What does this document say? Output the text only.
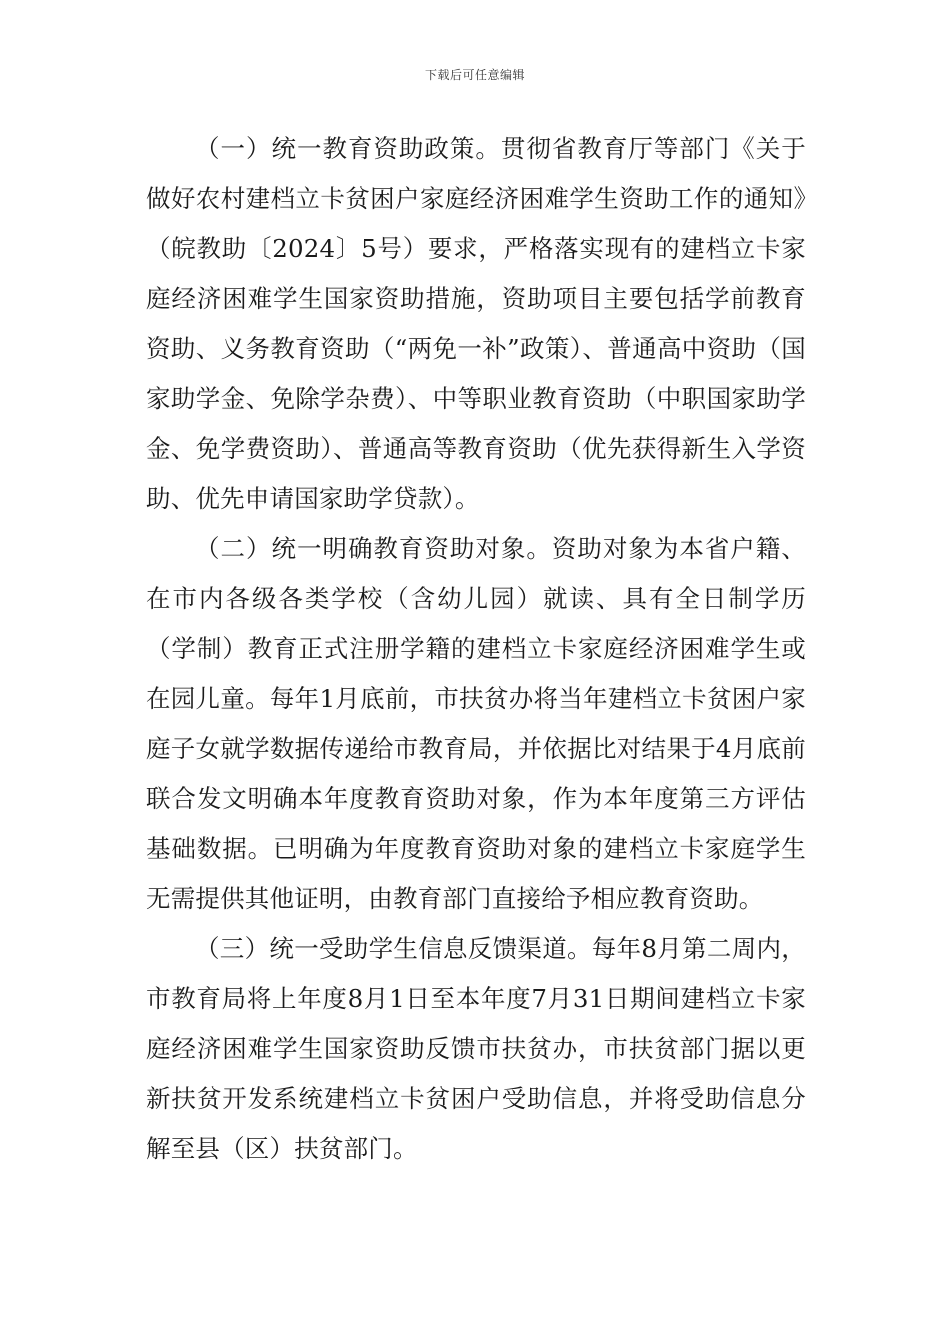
下载后可任意编辑

（一）统一教育资助政策。贯彻省教育厅等部门《关于做好农村建档立卡贫困户家庭经济困难学生资助工作的通知》（皖教助〔2024〕5号）要求，严格落实现有的建档立卡家庭经济困难学生国家资助措施，资助项目主要包括学前教育资助、义务教育资助（“两免一补”政策）、普通高中资助（国家助学金、免除学杂费）、中等职业教育资助（中职国家助学金、免学费资助）、普通高等教育资助（优先获得新生入学资助、优先申请国家助学贷款）。

（二）统一明确教育资助对象。资助对象为本省户籍、在市内各级各类学校（含幼儿园）就读、具有全日制学历（学制）教育正式注册学籍的建档立卡家庭经济困难学生或在园儿童。每年1月底前，市扶贫办将当年建档立卡贫困户家庭子女就学数据传递给市教育局，并依据比对结果于4月底前联合发文明确本年度教育资助对象，作为本年度第三方评估基础数据。已明确为年度教育资助对象的建档立卡家庭学生无需提供其他证明，由教育部门直接给予相应教育资助。

（三）统一受助学生信息反馈渠道。每年8月第二周内，市教育局将上年度8月1日至本年度7月31日期间建档立卡家庭经济困难学生国家资助反馈市扶贫办，市扶贫部门据以更新扶贫开发系统建档立卡贫困户受助信息，并将受助信息分解至县（区）扶贫部门。
